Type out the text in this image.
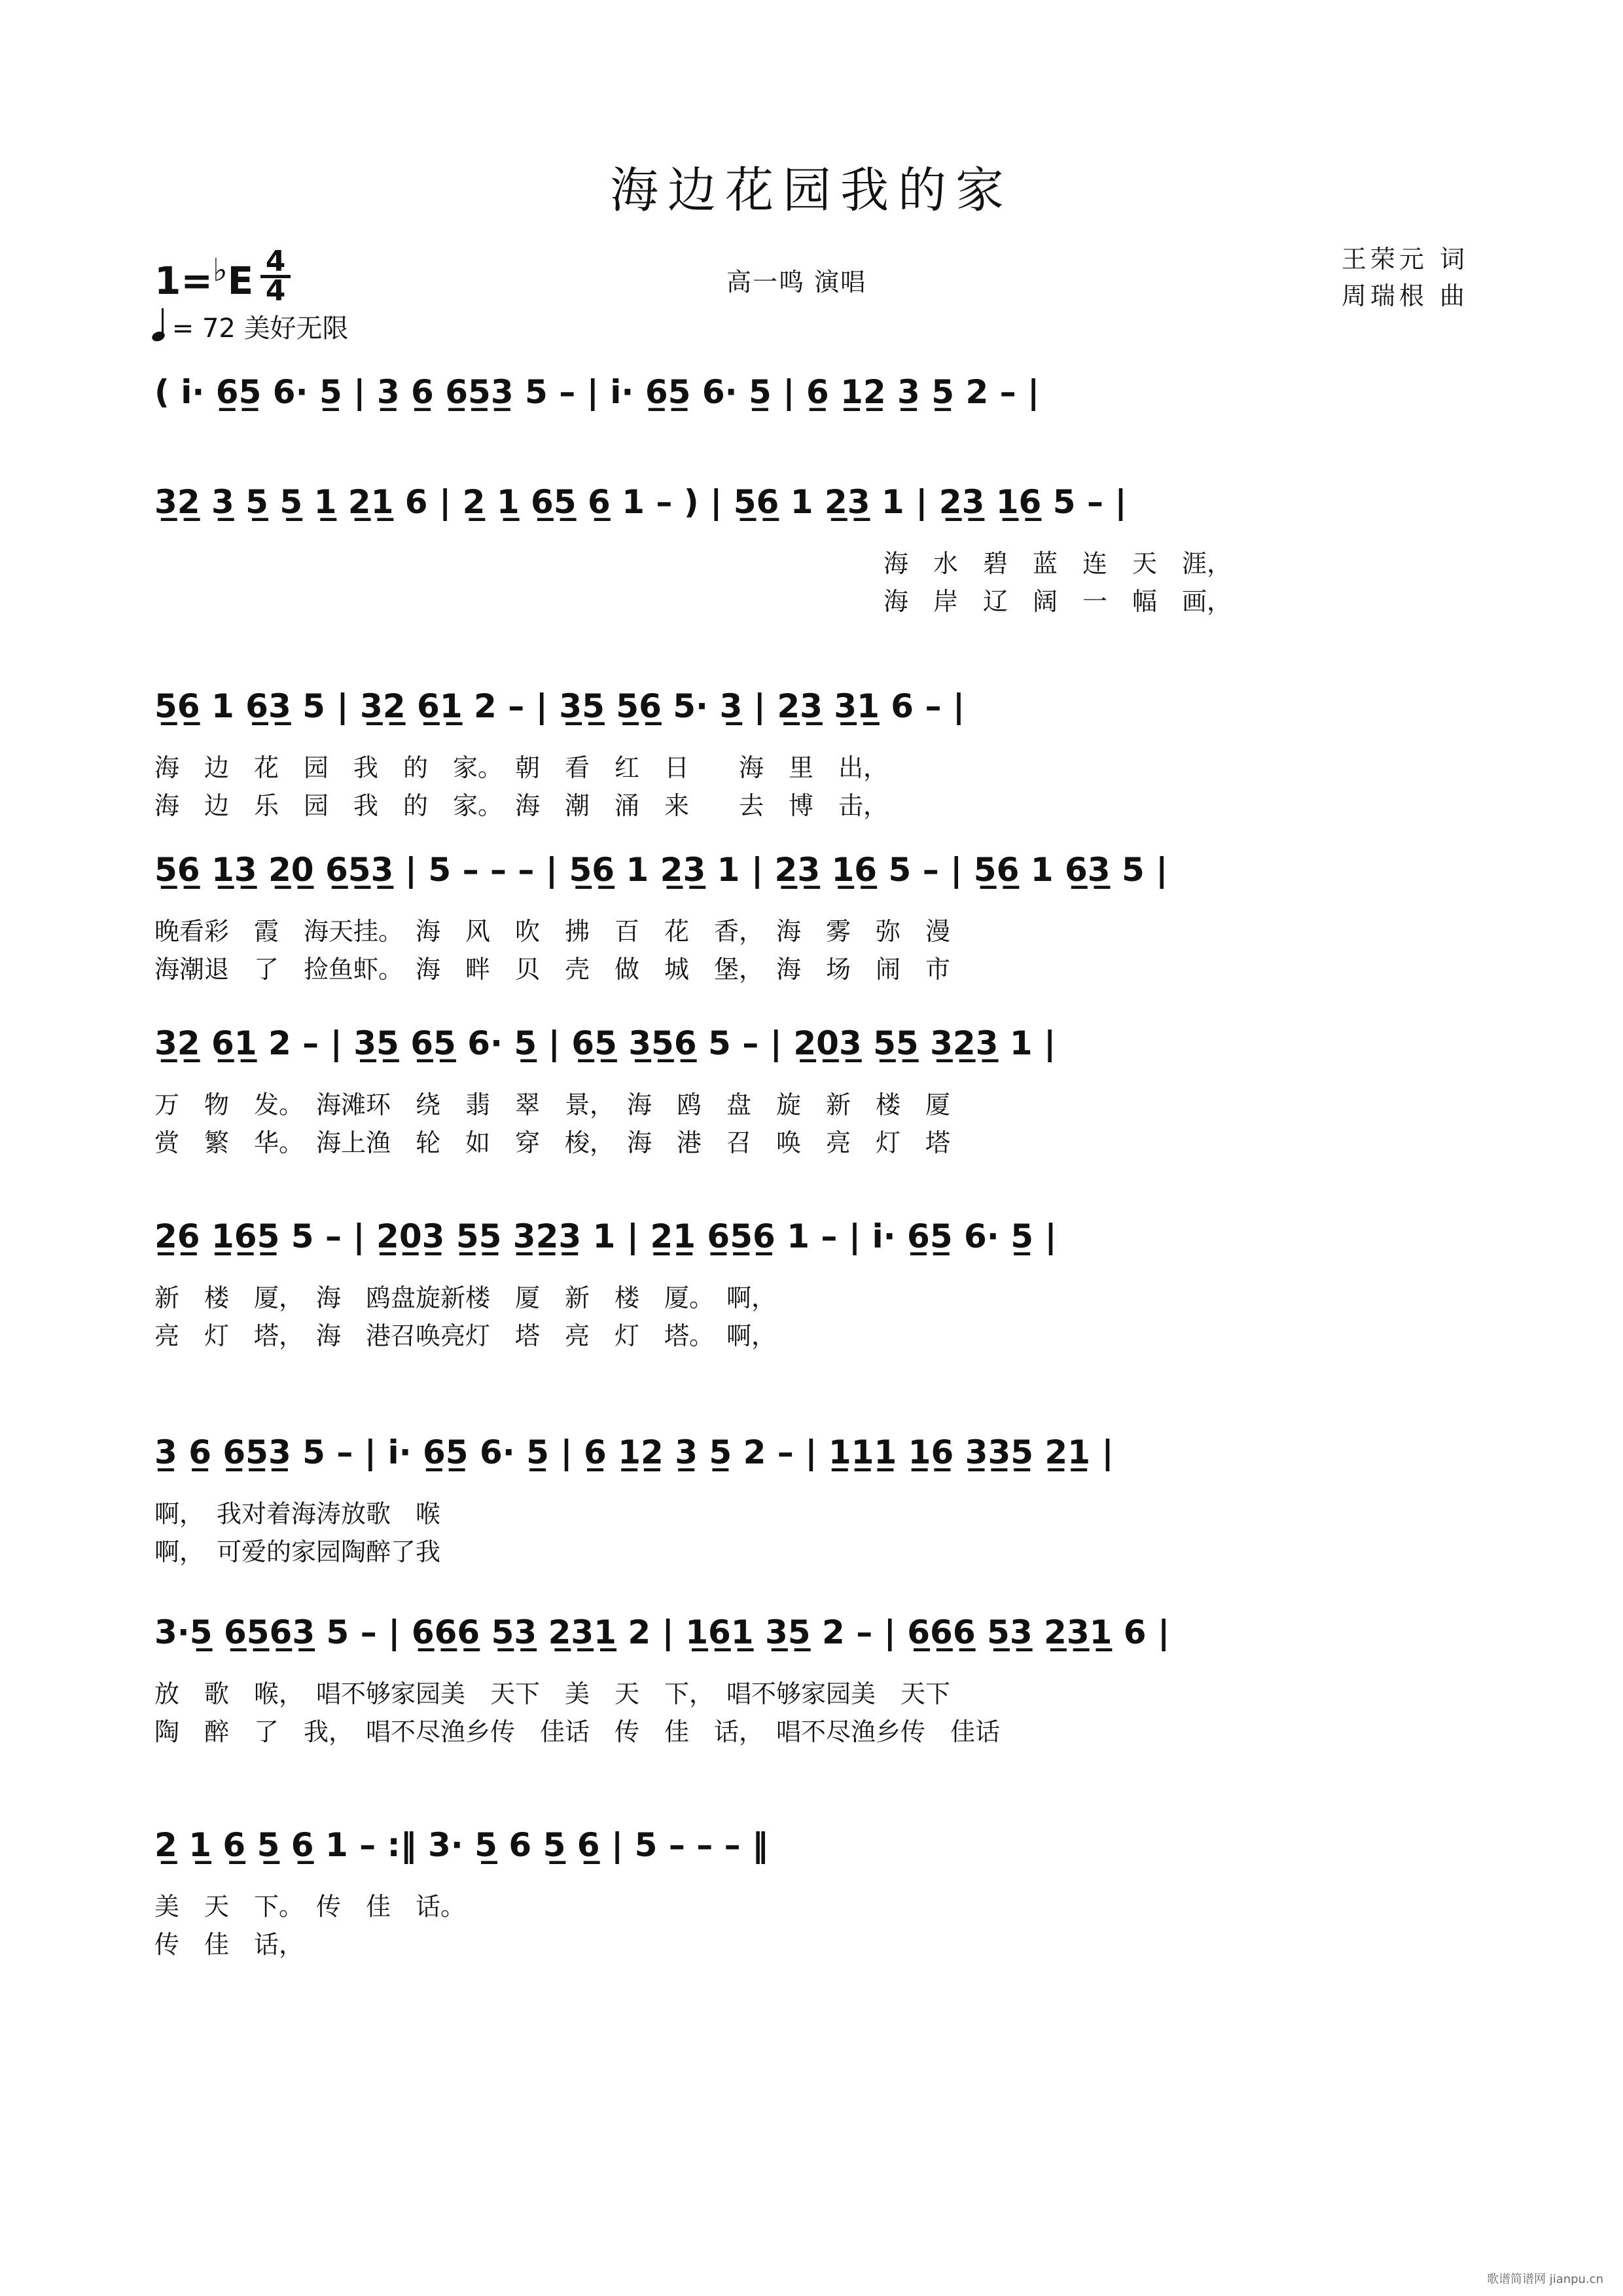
海边花园我的家
1=♭E 4
4
= 72 美好无限
高一鸣 演唱
王荣元 词
周瑞根 曲
( i· 6̲5̲ 6· 5̲ | 3̲ 6̲ 6̲5̲3̲ 5 – | i· 6̲5̲ 6· 5̲ | 6̲ 1̲2̲ 3̲ 5̲ 2 – |
3̲2̲ 3̲ 5̲ 5̲ 1̲ 2̲1̲ 6 | 2̲ 1̲ 6̲5̲ 6̲ 1 – ) | 5̲6̲ 1 2̲3̲ 1 | 2̲3̲ 1̲6̲ 5 – |
海　水　碧　蓝　连　天　涯，
海　岸　辽　阔　一　幅　画，
5̲6̲ 1 6̲3̲ 5 | 3̲2̲ 6̲1̲ 2 – | 3̲5̲ 5̲6̲ 5· 3̲ | 2̲3̲ 3̲1̲ 6 – |
海　边　花　园　我　的　家。　朝　看　红　日　　海　里　出，
海　边　乐　园　我　的　家。　海　潮　涌　来　　去　博　击，
5̲6̲ 1̲3̲ 2̲0̲ 6̲5̲3̲ | 5 – – – | 5̲6̲ 1 2̲3̲ 1 | 2̲3̲ 1̲6̲ 5 – | 5̲6̲ 1 6̲3̲ 5 |
晚看彩　霞　海天挂。　海　风　吹　拂　百　花　香，　海　雾　弥　漫
海潮退　了　捡鱼虾。　海　畔　贝　壳　做　城　堡，　海　场　闹　市
3̲2̲ 6̲1̲ 2 – | 3̲5̲ 6̲5̲ 6· 5̲ | 6̲5̲ 3̲5̲6̲ 5 – | 2̲0̲3̲ 5̲5̲ 3̲2̲3̲ 1 |
万　物　发。　海滩环　绕　翡　翠　景，　海　鸥　盘　旋　新　楼　厦
赏　繁　华。　海上渔　轮　如　穿　梭，　海　港　召　唤　亮　灯　塔
2̲6̲ 1̲6̲5̲ 5 – | 2̲0̲3̲ 5̲5̲ 3̲2̲3̲ 1 | 2̲1̲ 6̲5̲6̲ 1 – | i· 6̲5̲ 6· 5̲ |
新　楼　厦，　海　鸥盘旋新楼　厦　新　楼　厦。　啊，
亮　灯　塔，　海　港召唤亮灯　塔　亮　灯　塔。　啊，
3̲ 6̲ 6̲5̲3̲ 5 – | i· 6̲5̲ 6· 5̲ | 6̲ 1̲2̲ 3̲ 5̲ 2 – | 1̲1̲1̲ 1̲6̲ 3̲3̲5̲ 2̲1̲ |
啊，　我对着海涛放歌　喉
啊，　可爱的家园陶醉了我
3·5̲ 6̲5̲6̲3̲ 5 – | 6̲6̲6̲ 5̲3̲ 2̲3̲1̲ 2 | 1̲6̲1̲ 3̲5̲ 2 – | 6̲6̲6̲ 5̲3̲ 2̲3̲1̲ 6 |
放　歌　喉，　唱不够家园美　天下　美　天　下，　唱不够家园美　天下
陶　醉　了　我，　唱不尽渔乡传　佳话　传　佳　话，　唱不尽渔乡传　佳话
2̲ 1̲ 6̲ 5̲ 6̲ 1 – :‖ 3· 5̲ 6 5̲ 6̲ | 5 – – – ‖
美　天　下。　传　佳　话。
传　佳　话，
歌谱简谱网 jianpu.cn
